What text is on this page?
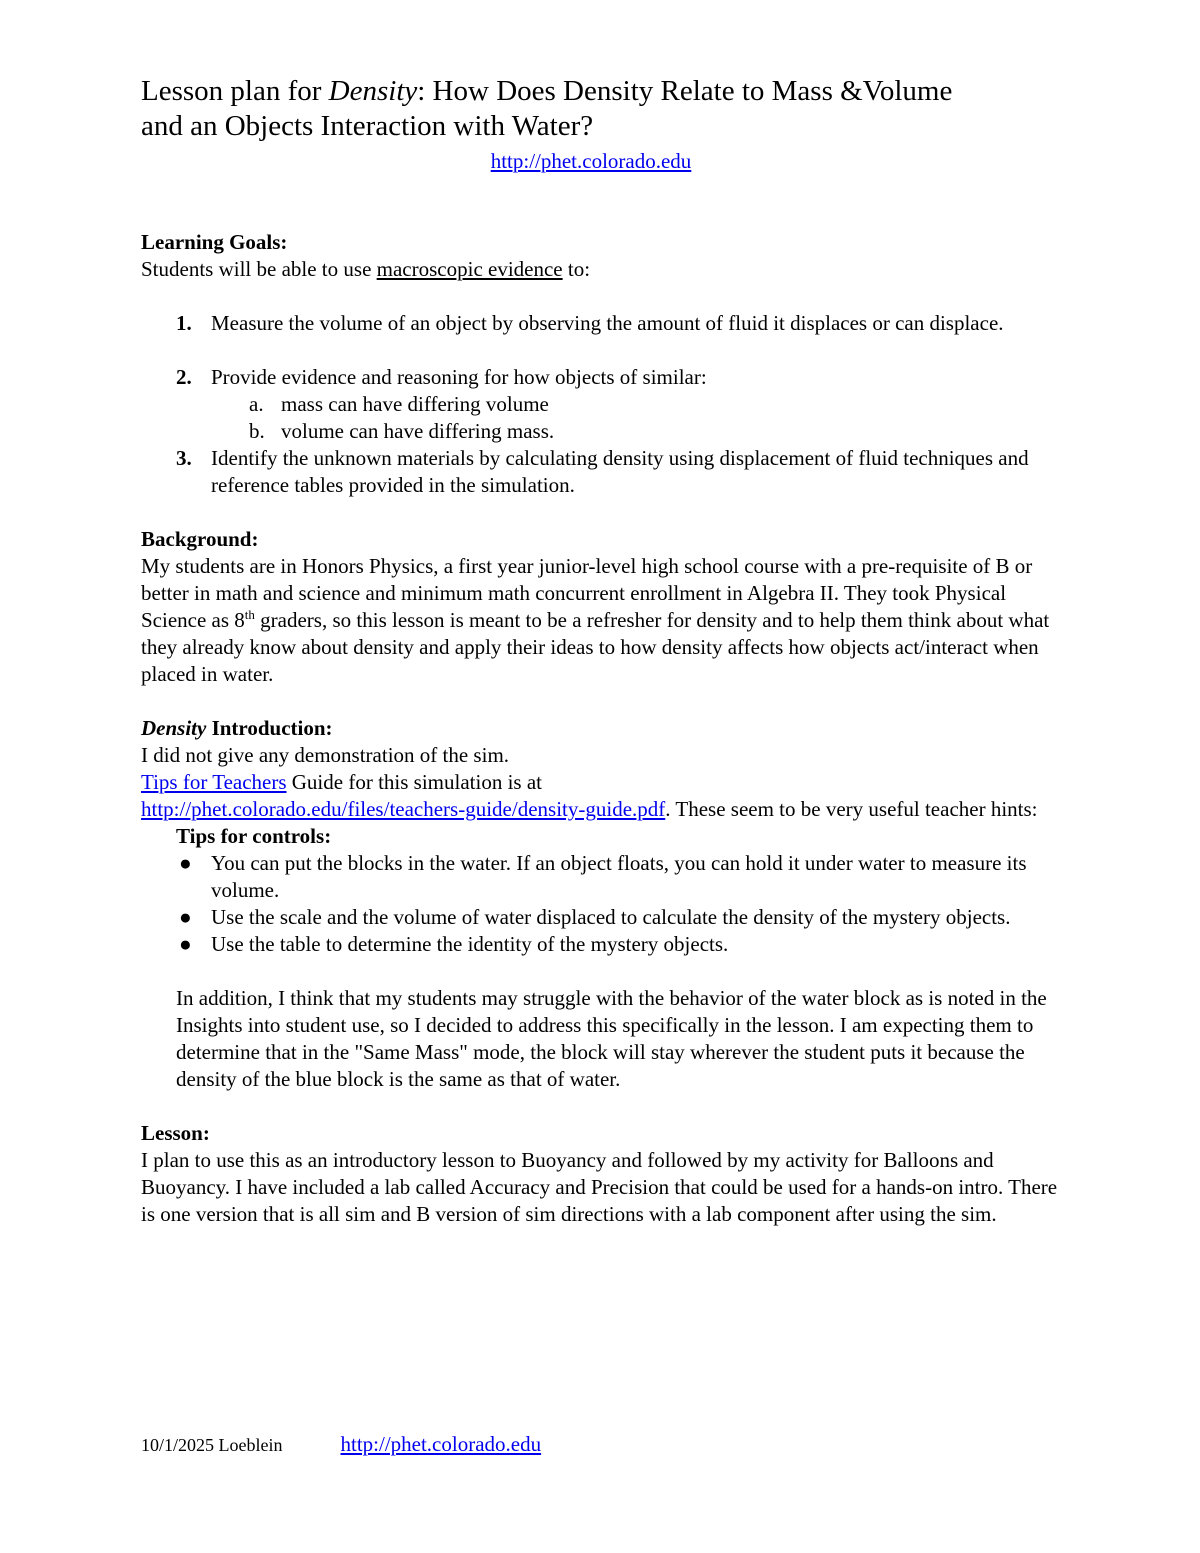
Lesson plan for Density: How Does Density Relate to Mass &Volume
and an Objects Interaction with Water?
http://phet.colorado.edu

Learning Goals:

Students will be able to use macroscopic evidence to:

1. Measure the volume of an object by observing the amount of fluid it displaces or can displace.
2. Provide evidence and reasoning for how objects of similar:
a. mass can have differing volume
b. volume can have differing mass.
3. Identify the unknown materials by calculating density using displacement of fluid techniques and reference tables provided in the simulation.

Background:

My students are in Honors Physics, a first year junior-level high school course with a pre-requisite of B or better in math and science and minimum math concurrent enrollment in Algebra II. They took Physical Science as 8th graders, so this lesson is meant to be a refresher for density and to help them think about what they already know about density and apply their ideas to how density affects how objects act/interact when placed in water.

Density Introduction:

I did not give any demonstration of the sim.

Tips for Teachers Guide for this simulation is at

http://phet.colorado.edu/files/teachers-guide/density-guide.pdf. These seem to be very useful teacher hints:

Tips for controls:

● You can put the blocks in the water. If an object floats, you can hold it under water to measure its volume.
● Use the scale and the volume of water displaced to calculate the density of the mystery objects.
● Use the table to determine the identity of the mystery objects.

In addition, I think that my students may struggle with the behavior of the water block as is noted in the Insights into student use, so I decided to address this specifically in the lesson. I am expecting them to determine that in the "Same Mass" mode, the block will stay wherever the student puts it because the density of the blue block is the same as that of water.

Lesson:

I plan to use this as an introductory lesson to Buoyancy and followed by my activity for Balloons and Buoyancy. I have included a lab called Accuracy and Precision that could be used for a hands-on intro. There is one version that is all sim and B version of sim directions with a lab component after using the sim.

10/1/2025 Loeblein	http://phet.colorado.edu
